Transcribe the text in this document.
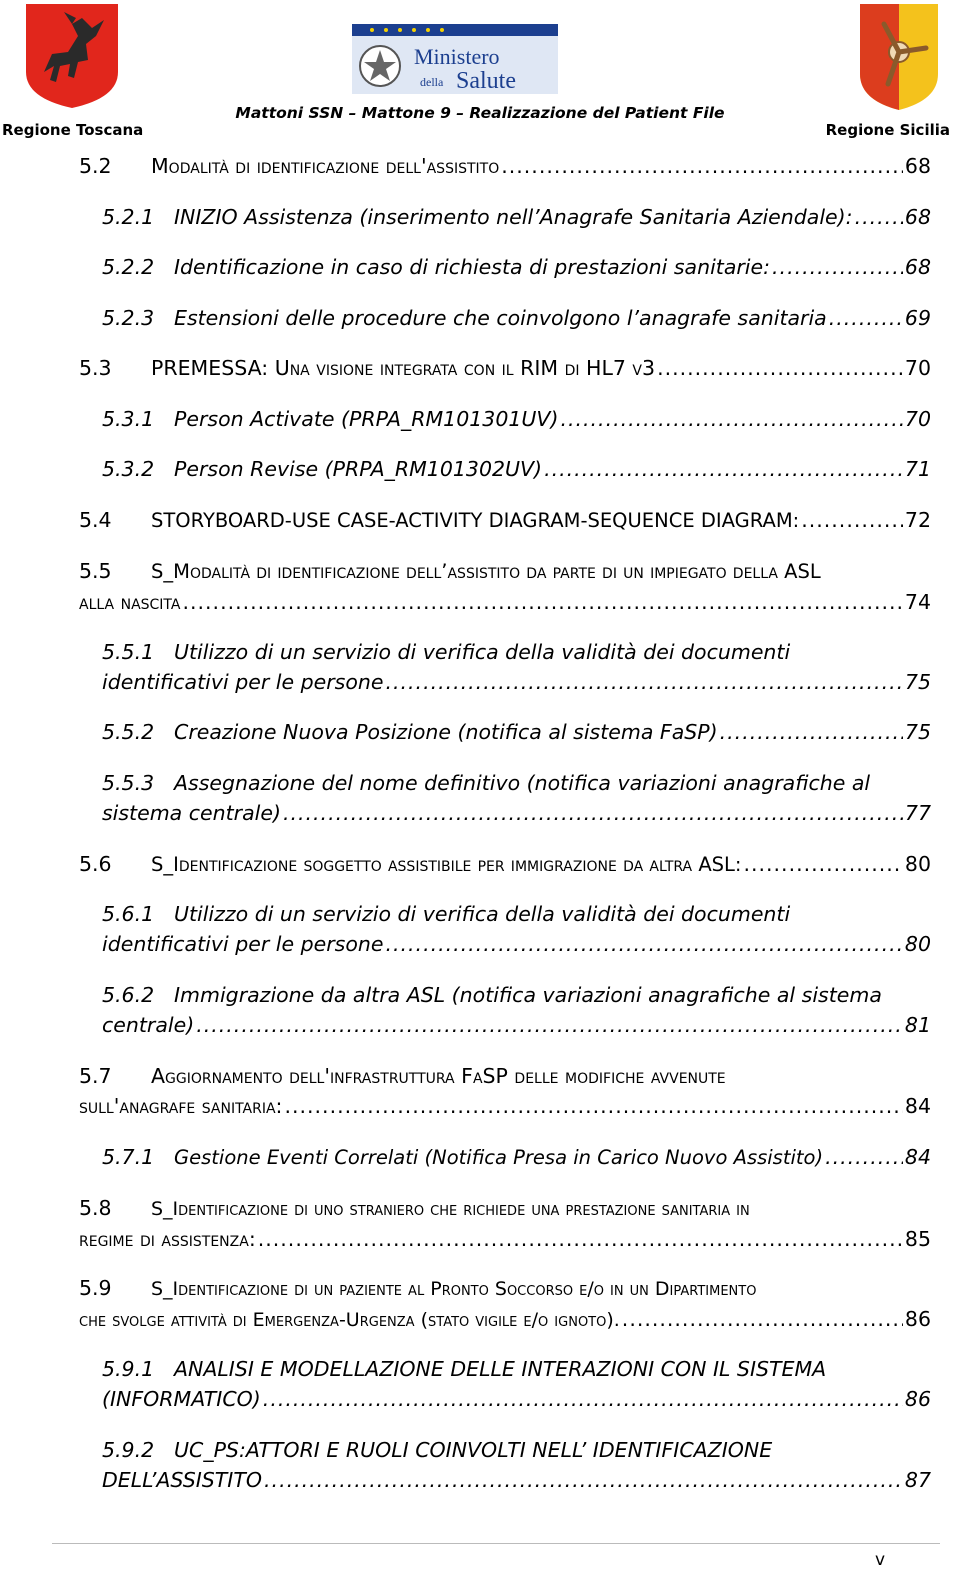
Ministero
della Salute
Regione Toscana
Mattoni SSN – Mattone 9 – Realizzazione del Patient File
Regione Sicilia
5.2	Modalità di identificazione dell'assistito .....	68
5.2.1 INIZIO Assistenza (inserimento nell’Anagrafe Sanitaria Aziendale): .....	68
5.2.2 Identificazione in caso di richiesta di prestazioni sanitarie: .....	68
5.2.3 Estensioni delle procedure che coinvolgono l’anagrafe sanitaria .....	69
5.3	PREMESSA: Una visione integrata con il RIM di HL7 v3 .....	70
5.3.1 Person Activate (PRPA_RM101301UV) .....	70
5.3.2 Person Revise (PRPA_RM101302UV) .....	71
5.4	STORYBOARD-USE CASE-ACTIVITY DIAGRAM-SEQUENCE DIAGRAM: .....	72
5.5 S_Modalità di identificazione dell’assistito da parte di un impiegato della ASL
alla nascita .....	74
5.5.1 Utilizzo di un servizio di verifica della validità dei documenti
identificativi per le persone .....	75
5.5.2 Creazione Nuova Posizione (notifica al sistema FaSP) .....	75
5.5.3 Assegnazione del nome definitivo (notifica variazioni anagrafiche al
sistema centrale) .....	77
5.6	S_Identificazione soggetto assistibile per immigrazione da altra ASL: .....	80
5.6.1 Utilizzo di un servizio di verifica della validità dei documenti
identificativi per le persone .....	80
5.6.2 Immigrazione da altra ASL (notifica variazioni anagrafiche al sistema
centrale) .....	81
5.7 Aggiornamento dell'infrastruttura FaSP delle modifiche avvenute
sull'anagrafe sanitaria: .....	84
5.7.1	Gestione Eventi Correlati (Notifica Presa in Carico Nuovo Assistito) .....	84
5.8 S_Identificazione di uno straniero che richiede una prestazione sanitaria in
regime di assistenza: .....	85
5.9 S_Identificazione di un paziente al Pronto Soccorso e/o in un Dipartimento
che svolge attività di Emergenza-Urgenza (stato vigile e/o ignoto). .....	86
5.9.1 ANALISI E MODELLAZIONE DELLE INTERAZIONI CON IL SISTEMA
(INFORMATICO) .....	86
5.9.2 UC_PS:ATTORI E RUOLI COINVOLTI NELL’ IDENTIFICAZIONE
DELL’ASSISTITO .....	87
v
